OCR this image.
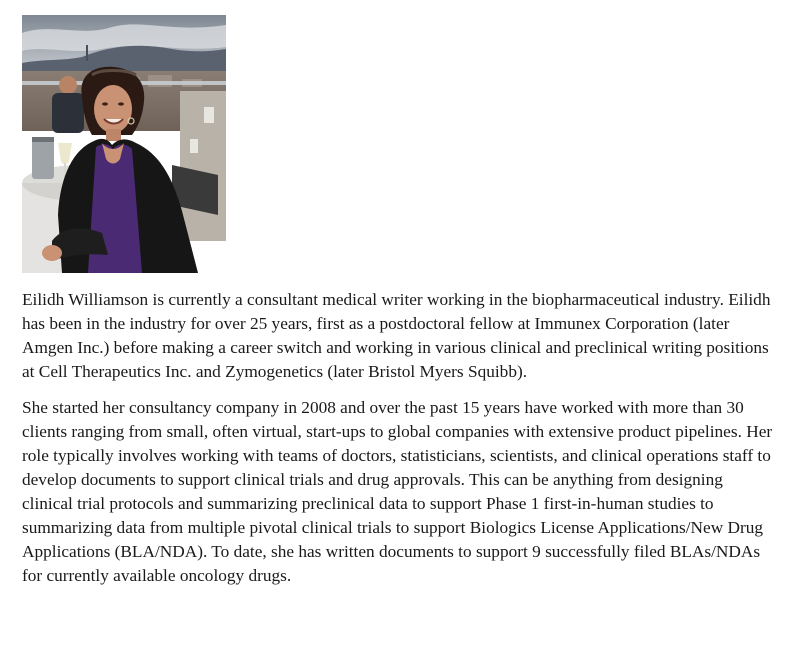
Eilidh Williamson is currently a consultant medical writer working in the biopharmaceutical industry. Eilidh has been in the industry for over 25 years, first as a postdoctoral fellow at Immunex Corporation (later Amgen Inc.) before making a career switch and working in various clinical and preclinical writing positions at Cell Therapeutics Inc. and Zymogenetics (later Bristol Myers Squibb).

She started her consultancy company in 2008 and over the past 15 years have worked with more than 30 clients ranging from small, often virtual, start-ups to global companies with extensive product pipelines. Her role typically involves working with teams of doctors, statisticians, scientists, and clinical operations staff to develop documents to support clinical trials and drug approvals. This can be anything from designing clinical trial protocols and summarizing preclinical data to support Phase 1 first-in-human studies to summarizing data from multiple pivotal clinical trials to support Biologics License Applications/New Drug Applications (BLA/NDA). To date, she has written documents to support 9 successfully filed BLAs/NDAs for currently available oncology drugs.
